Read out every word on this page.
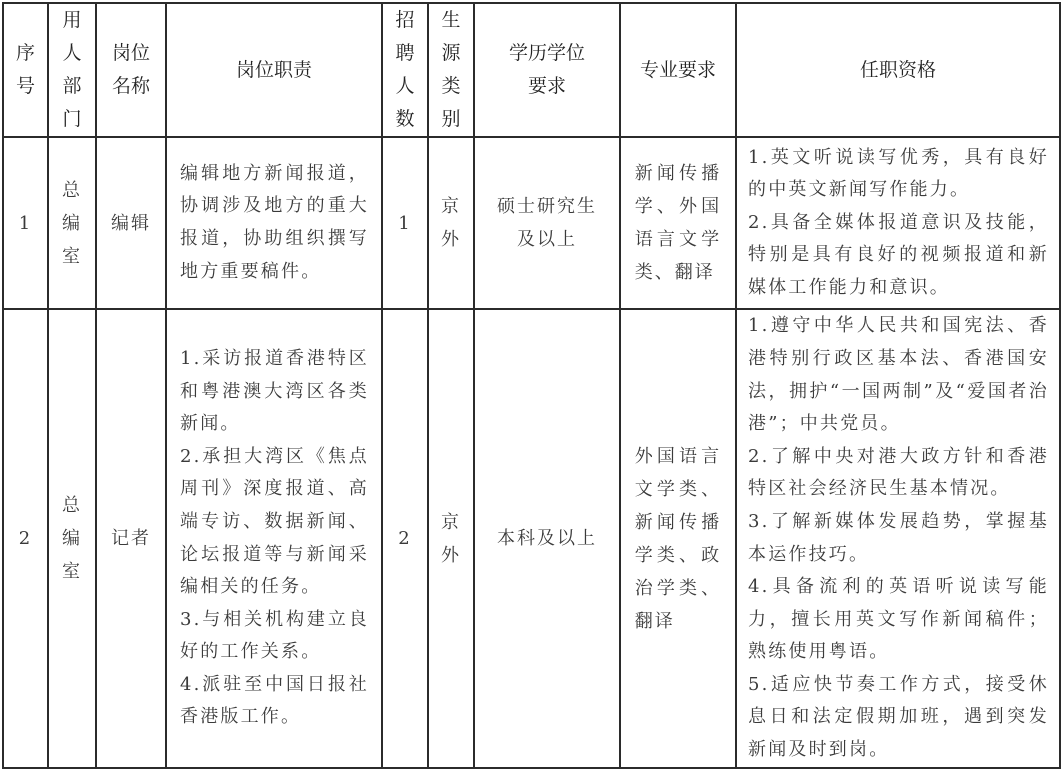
序号	用人部门	岗位名称	岗位职责	招聘人数	生源类别	学历学位要求	专业要求	任职资格
1	总编室	编辑	编辑地方新闻报道，协调涉及地方的重大报道，协助组织撰写地方重要稿件。	1	京外	硕士研究生及以上	新闻传播学、外国语言文学类、翻译	1.英文听说读写优秀，具有良好的中英文新闻写作能力。
2.具备全媒体报道意识及技能，特别是具有良好的视频报道和新媒体工作能力和意识。

2	总编室	记者	1.采访报道香港特区和粤港澳大湾区各类新闻。
2.承担大湾区《焦点周刊》深度报道、高端专访、数据新闻、论坛报道等与新闻采编相关的任务。
3.与相关机构建立良好的工作关系。
4.派驻至中国日报社香港版工作。	2	京外	本科及以上	外国语言文学类、新闻传播学类、政治学类、翻译	1.遵守中华人民共和国宪法、香港特别行政区基本法、香港国安法，拥护“一国两制”及“爱国者治港”；中共党员。
2.了解中央对港大政方针和香港特区社会经济民生基本情况。
3.了解新媒体发展趋势，掌握基本运作技巧。
4.具备流利的英语听说读写能力，擅长用英文写作新闻稿件；熟练使用粤语。
5.适应快节奏工作方式，接受休息日和法定假期加班，遇到突发新闻及时到岗。
